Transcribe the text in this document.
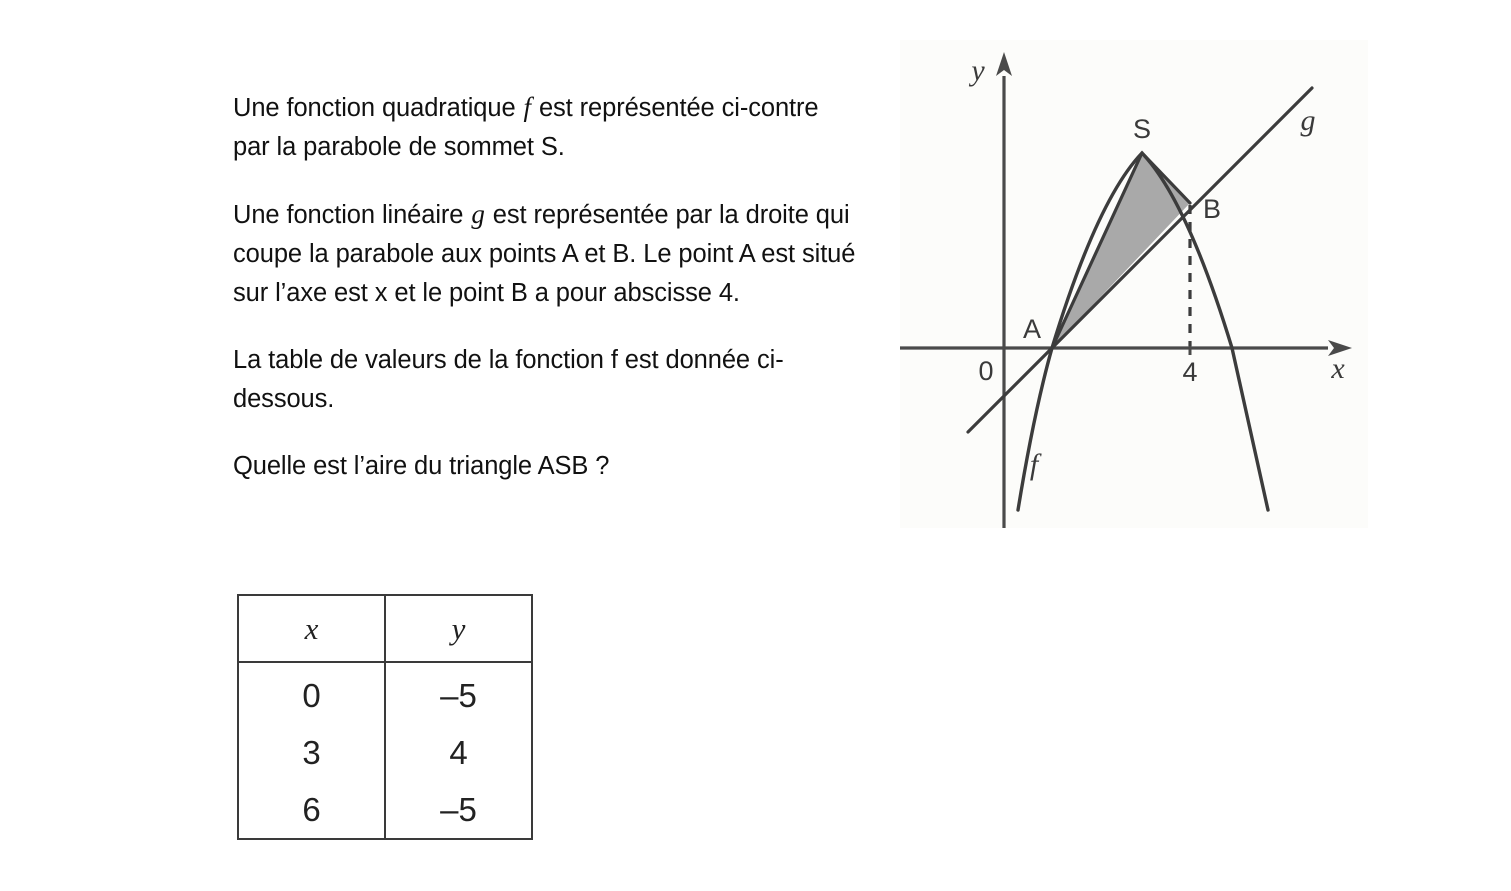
Une fonction quadratique f est représentée ci-contre par la parabole de sommet S.

Une fonction linéaire g est représentée par la droite qui coupe la parabole aux points A et B. Le point A est situé sur l’axe est x et le point B a pour abscisse 4.

La table de valeurs de la fonction f est donnée ci-dessous.

Quelle est l’aire du triangle ASB ?

x	y
0	–5
3	4
6	–5
y
x
0	4
A
S
B
f
g
